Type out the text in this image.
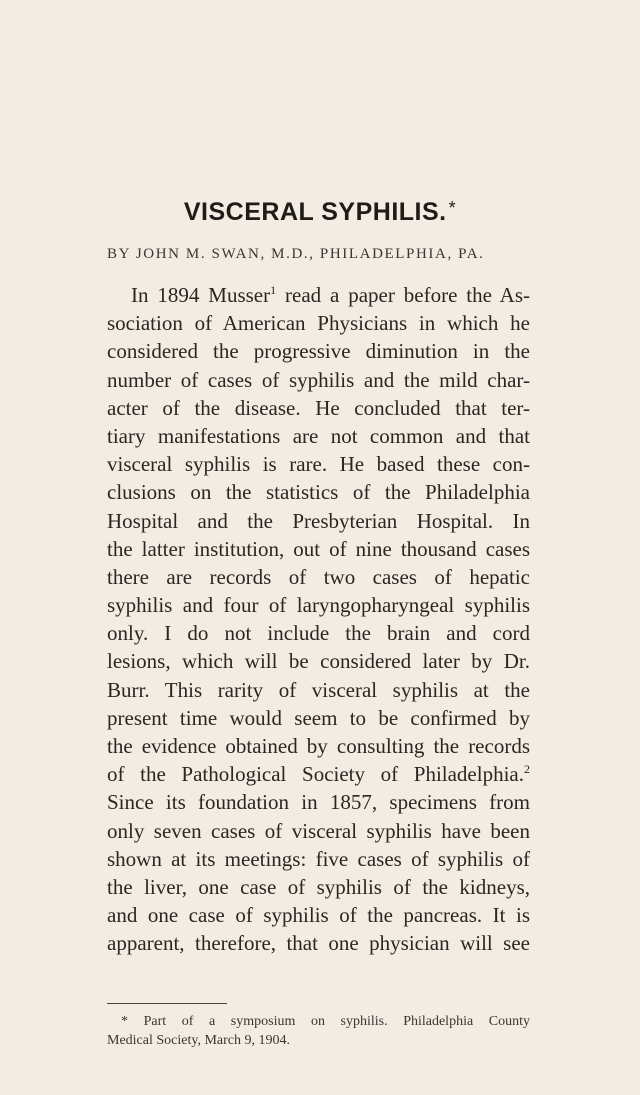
VISCERAL SYPHILIS. *
BY JOHN M. SWAN, M.D., PHILADELPHIA, PA.
In 1894 Musser$^1$ read a paper before the As-
sociation of American Physicians in which he
considered the progressive diminution in the
number of cases of syphilis and the mild char-
acter of the disease. He concluded that ter-
tiary manifestations are not common and that
visceral syphilis is rare. He based these con-
clusions on the statistics of the Philadelphia
Hospital and the Presbyterian Hospital. In
the latter institution, out of nine thousand cases
there are records of two cases of hepatic
syphilis and four of laryngopharyngeal syphilis
only. I do not include the brain and cord
lesions, which will be considered later by Dr.
Burr. This rarity of visceral syphilis at the
present time would seem to be confirmed by
the evidence obtained by consulting the records
of the Pathological Society of Philadelphia.$^2$
Since its foundation in 1857, specimens from
only seven cases of visceral syphilis have been
shown at its meetings: five cases of syphilis of
the liver, one case of syphilis of the kidneys,
and one case of syphilis of the pancreas. It is
apparent, therefore, that one physician will see
* Part of a symposium on syphilis. Philadelphia County
Medical Society, March 9, 1904.
